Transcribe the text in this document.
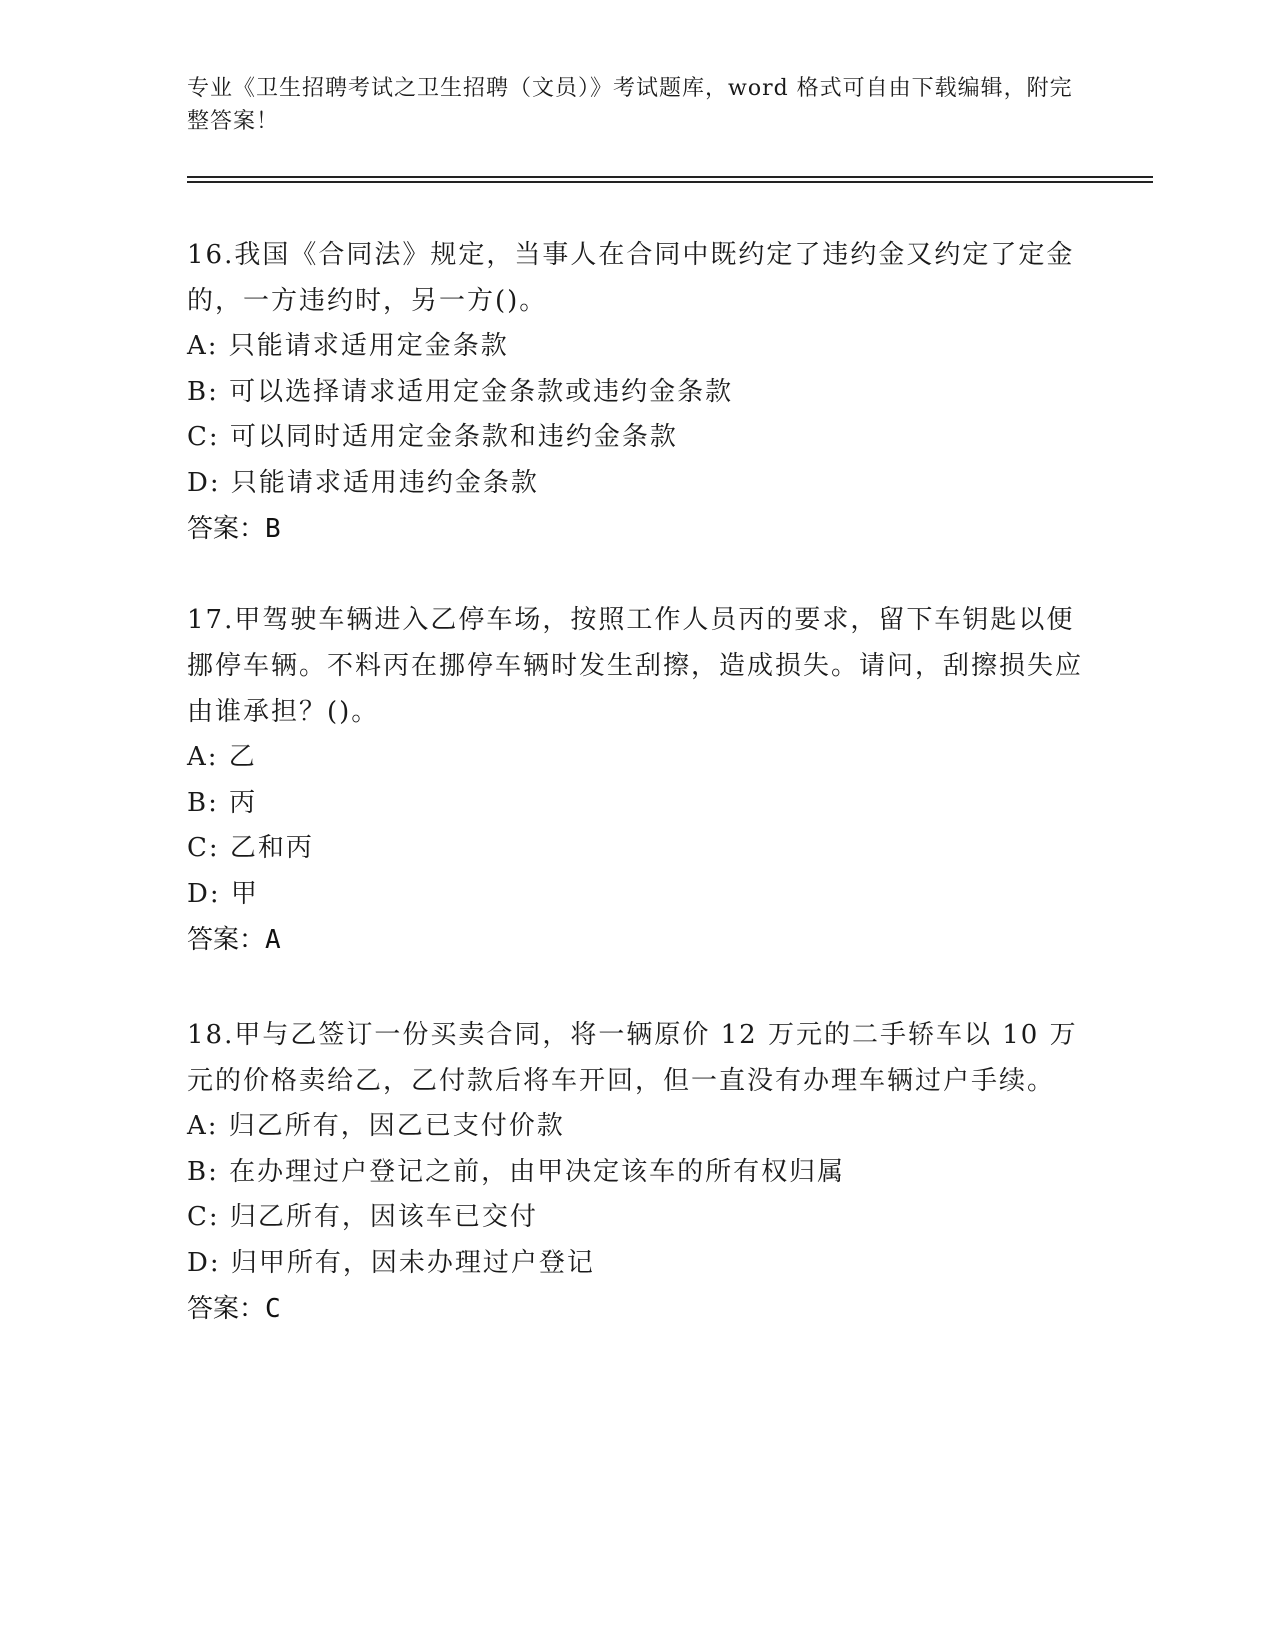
专业《卫生招聘考试之卫生招聘（文员）》考试题库，word 格式可自由下载编辑，附完整答案！

16.我国《合同法》规定，当事人在合同中既约定了违约金又约定了定金的，一方违约时，另一方()。

A: 只能请求适用定金条款

B: 可以选择请求适用定金条款或违约金条款

C: 可以同时适用定金条款和违约金条款

D: 只能请求适用违约金条款

答案：B

17.甲驾驶车辆进入乙停车场，按照工作人员丙的要求，留下车钥匙以便挪停车辆。不料丙在挪停车辆时发生刮擦，造成损失。请问，刮擦损失应由谁承担？()。

A: 乙

B: 丙

C: 乙和丙

D: 甲

答案：A

18.甲与乙签订一份买卖合同，将一辆原价 12 万元的二手轿车以 10 万元的价格卖给乙，乙付款后将车开回，但一直没有办理车辆过户手续。

A: 归乙所有，因乙已支付价款

B: 在办理过户登记之前，由甲决定该车的所有权归属

C: 归乙所有，因该车已交付

D: 归甲所有，因未办理过户登记

答案：C
